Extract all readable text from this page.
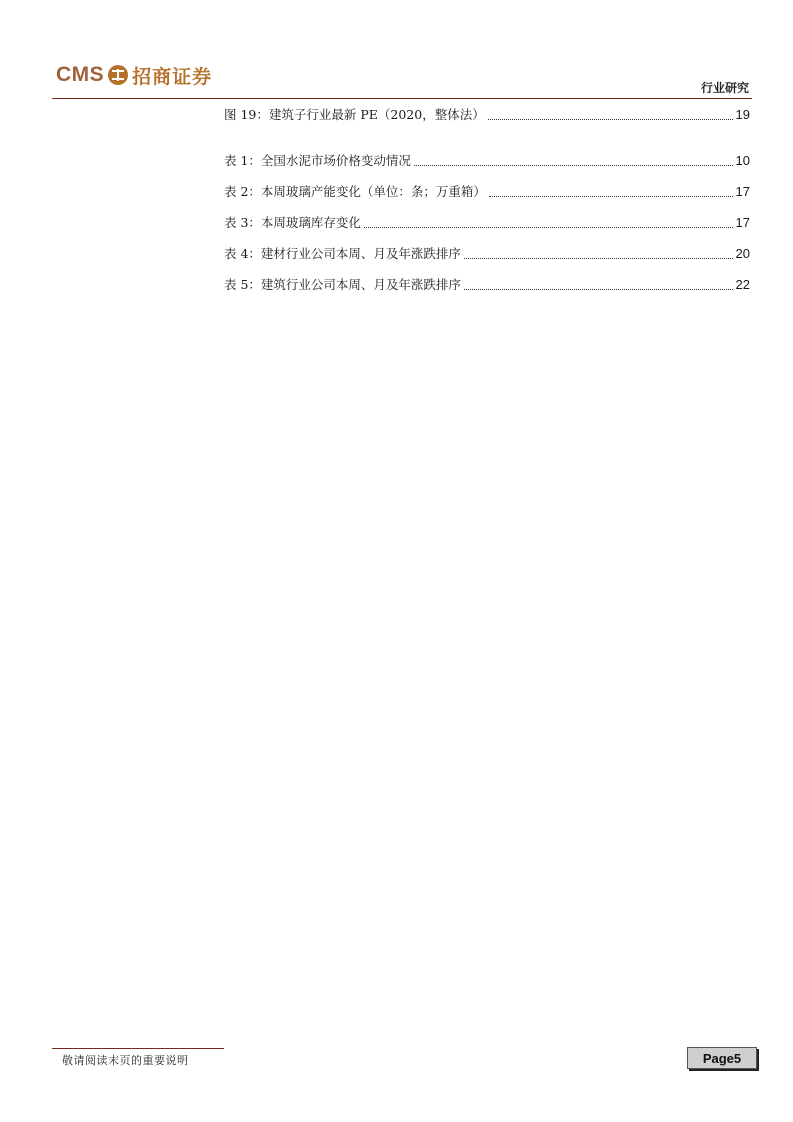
CMS 招商证券
行业研究
图 19：建筑子行业最新 PE（2020，整体法）	19
表 1：全国水泥市场价格变动情况	10
表 2：本周玻璃产能变化（单位：条；万重箱）	17
表 3：本周玻璃库存变化	17
表 4：建材行业公司本周、月及年涨跌排序	20
表 5：建筑行业公司本周、月及年涨跌排序	22
敬请阅读末页的重要说明	Page5
